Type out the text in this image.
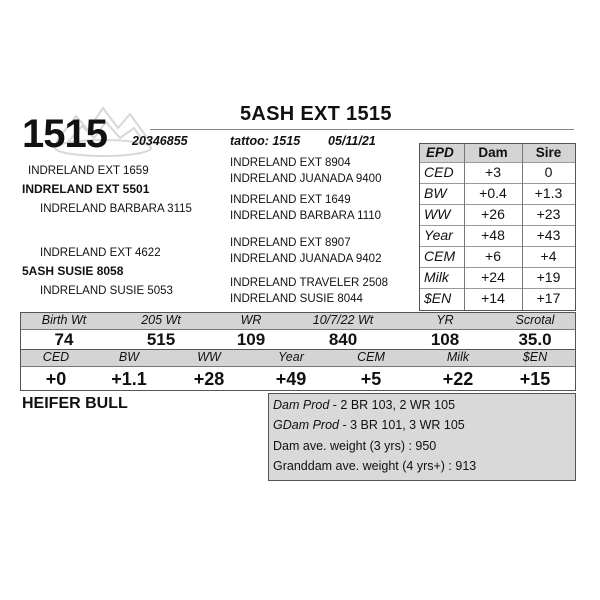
1515	5ASH EXT 1515
20346855	tattoo: 1515 05/11/21
INDRELAND EXT 1659
INDRELAND EXT 5501
INDRELAND BARBARA 3115
INDRELAND EXT 8904
INDRELAND JUANADA 9400
INDRELAND EXT 1649
INDRELAND BARBARA 1110
INDRELAND EXT 4622
5ASH SUSIE 8058
INDRELAND SUSIE 5053
INDRELAND EXT 8907
INDRELAND JUANADA 9402
INDRELAND TRAVELER 2508
INDRELAND SUSIE 8044
EPD	Dam	Sire
CED	+3	0
BW	+0.4	+1.3
WW	+26	+23
Year	+48	+43
CEM	+6	+4
Milk	+24	+19
$EN	+14	+17
Birth Wt	205 Wt	WR	10/7/22 Wt	YR	Scrotal
74	515	109	840	108	35.0
CED	BW	WW	Year	CEM	Milk	$EN
+0 +1.1	+28	+49	+5	+22	+15
HEIFER BULL	Dam Prod - 2 BR 103, 2 WR 105
GDam Prod - 3 BR 101, 3 WR 105
Dam ave. weight (3 yrs) : 950
Granddam ave. weight (4 yrs+) : 913
